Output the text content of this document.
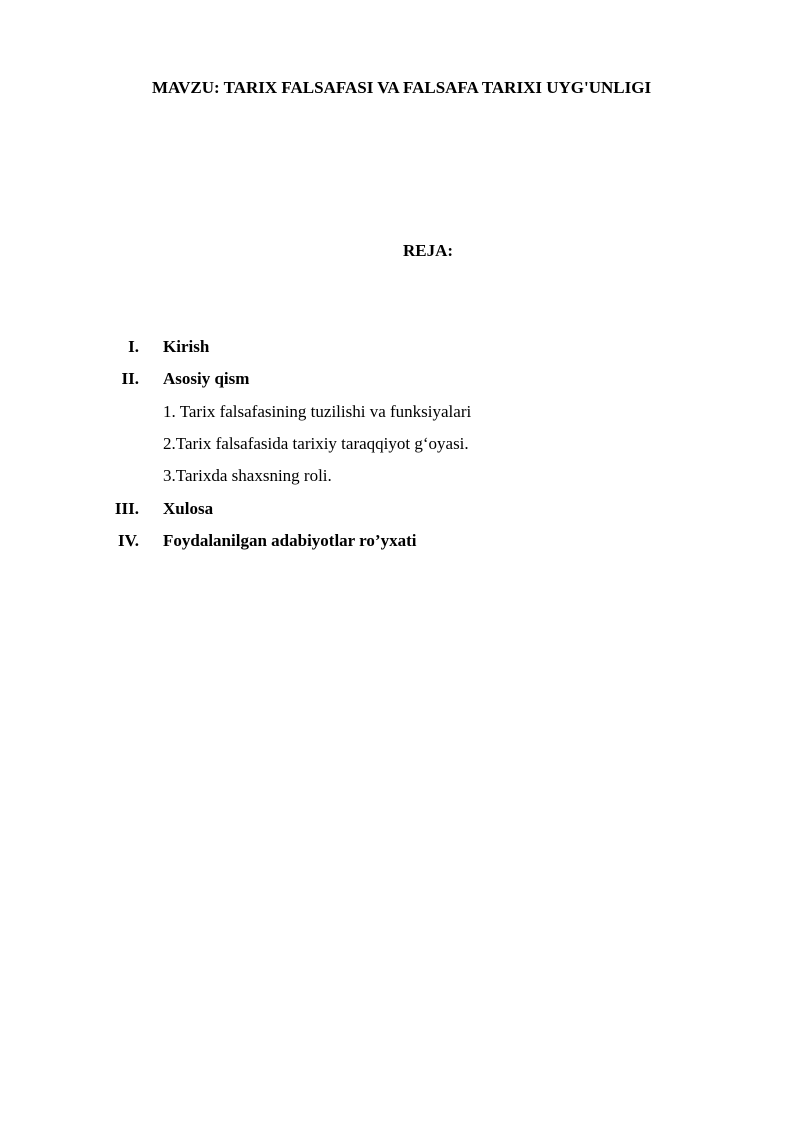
MAVZU: TARIX FALSAFASI VA FALSAFA TARIXI UYG'UNLIGI
REJA:
I. Kirish
II. Asosiy qism
1. Tarix falsafasining tuzilishi va funksiyalari
2.Tarix falsafasida tarixiy taraqqiyot g‘oyasi.
3.Tarixda shaxsning roli.
III. Xulosa
IV. Foydalanilgan adabiyotlar ro’yxati
